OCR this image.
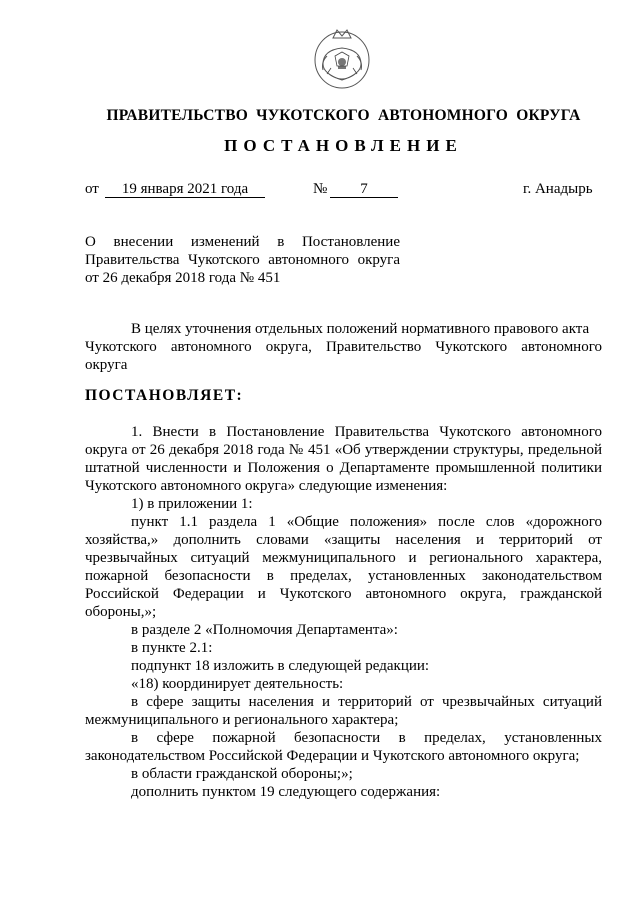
ПРАВИТЕЛЬСТВО  ЧУКОТСКОГО  АВТОНОМНОГО  ОКРУГА
ПОСТАНОВЛЕНИЕ
от	19 января 2021 года	№	7	г. Анадырь
О внесении изменений в Постановление
Правительства Чукотского автономного округа
от 26 декабря 2018 года № 451
В целях уточнения отдельных положений нормативного правового акта
Чукотского автономного округа, Правительство Чукотского автономного
округа
ПОСТАНОВЛЯЕТ:
1. Внести в Постановление Правительства Чукотского автономного
округа от 26 декабря 2018 года № 451 «Об утверждении структуры, предельной
штатной численности и Положения о Департаменте промышленной политики
Чукотского автономного округа» следующие изменения:
1) в приложении 1:
пункт 1.1 раздела 1 «Общие положения» после слов «дорожного
хозяйства,» дополнить словами «защиты населения и территорий от
чрезвычайных ситуаций межмуниципального и регионального характера,
пожарной безопасности в пределах, установленных законодательством
Российской Федерации и Чукотского автономного округа, гражданской
обороны,»;
в разделе 2 «Полномочия Департамента»:
в пункте 2.1:
подпункт 18 изложить в следующей редакции:
«18) координирует деятельность:
в сфере защиты населения и территорий от чрезвычайных ситуаций
межмуниципального и регионального характера;
в сфере пожарной безопасности в пределах, установленных
законодательством Российской Федерации и Чукотского автономного округа;
в области гражданской обороны;»;
дополнить пунктом 19 следующего содержания:
